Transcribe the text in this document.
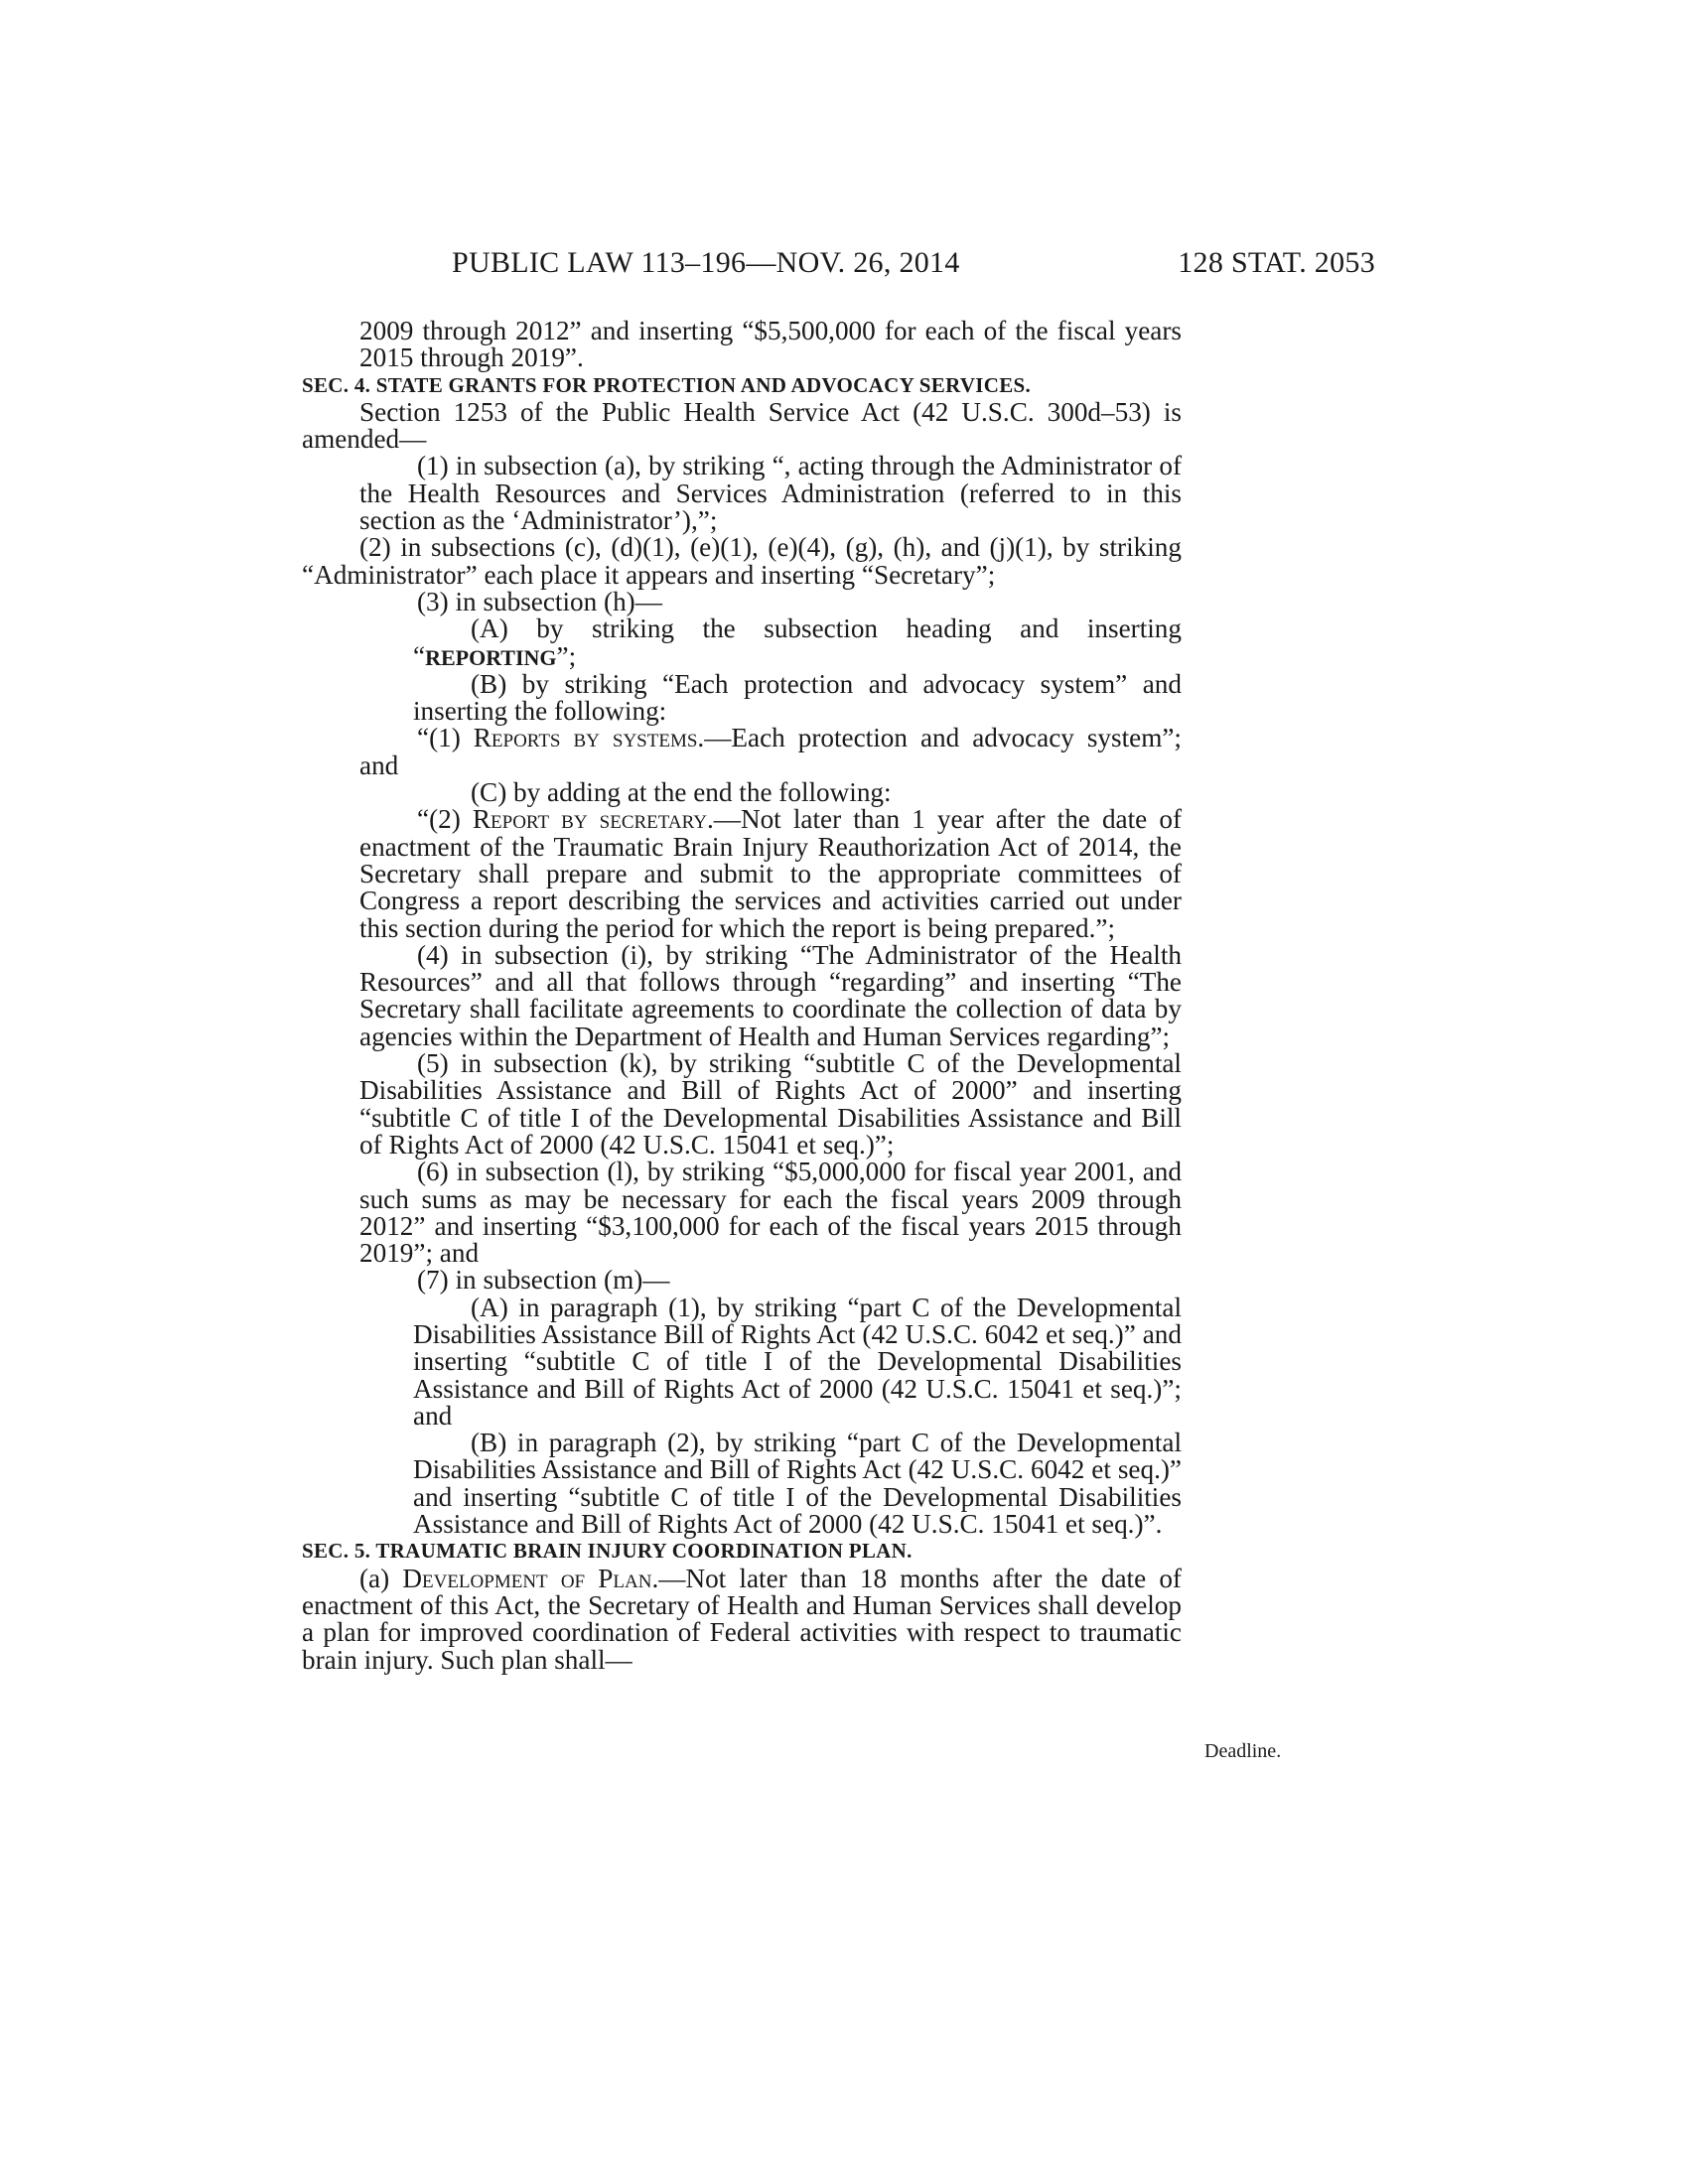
PUBLIC LAW 113–196—NOV. 26, 2014	128 STAT. 2053

2009 through 2012” and inserting “$5,500,000 for each of the fiscal years 2015 through 2019”.

SEC. 4. STATE GRANTS FOR PROTECTION AND ADVOCACY SERVICES.

Section 1253 of the Public Health Service Act (42 U.S.C. 300d–53) is amended—

(1) in subsection (a), by striking “, acting through the Administrator of the Health Resources and Services Administration (referred to in this section as the ‘Administrator’),”;

(2) in subsections (c), (d)(1), (e)(1), (e)(4), (g), (h), and (j)(1), by striking “Administrator” each place it appears and inserting “Secretary”;

(3) in subsection (h)—

(A) by striking the subsection heading and inserting “REPORTING”;

(B) by striking “Each protection and advocacy system” and inserting the following:

“(1) Reports by systems.—Each protection and advocacy system”; and

(C) by adding at the end the following:

“(2) Report by secretary.—Not later than 1 year after the date of enactment of the Traumatic Brain Injury Reauthorization Act of 2014, the Secretary shall prepare and submit to the appropriate committees of Congress a report describing the services and activities carried out under this section during the period for which the report is being prepared.”;

(4) in subsection (i), by striking “The Administrator of the Health Resources” and all that follows through “regarding” and inserting “The Secretary shall facilitate agreements to coordinate the collection of data by agencies within the Department of Health and Human Services regarding”;

(5) in subsection (k), by striking “subtitle C of the Developmental Disabilities Assistance and Bill of Rights Act of 2000” and inserting “subtitle C of title I of the Developmental Disabilities Assistance and Bill of Rights Act of 2000 (42 U.S.C. 15041 et seq.)”;

(6) in subsection (l), by striking “$5,000,000 for fiscal year 2001, and such sums as may be necessary for each the fiscal years 2009 through 2012” and inserting “$3,100,000 for each of the fiscal years 2015 through 2019”; and

(7) in subsection (m)—

(A) in paragraph (1), by striking “part C of the Developmental Disabilities Assistance Bill of Rights Act (42 U.S.C. 6042 et seq.)” and inserting “subtitle C of title I of the Developmental Disabilities Assistance and Bill of Rights Act of 2000 (42 U.S.C. 15041 et seq.)”; and

(B) in paragraph (2), by striking “part C of the Developmental Disabilities Assistance and Bill of Rights Act (42 U.S.C. 6042 et seq.)” and inserting “subtitle C of title I of the Developmental Disabilities Assistance and Bill of Rights Act of 2000 (42 U.S.C. 15041 et seq.)”.

SEC. 5. TRAUMATIC BRAIN INJURY COORDINATION PLAN.

(a) Development of Plan.—Not later than 18 months after the date of enactment of this Act, the Secretary of Health and Human Services shall develop a plan for improved coordination of Federal activities with respect to traumatic brain injury. Such plan shall—

Deadline.
